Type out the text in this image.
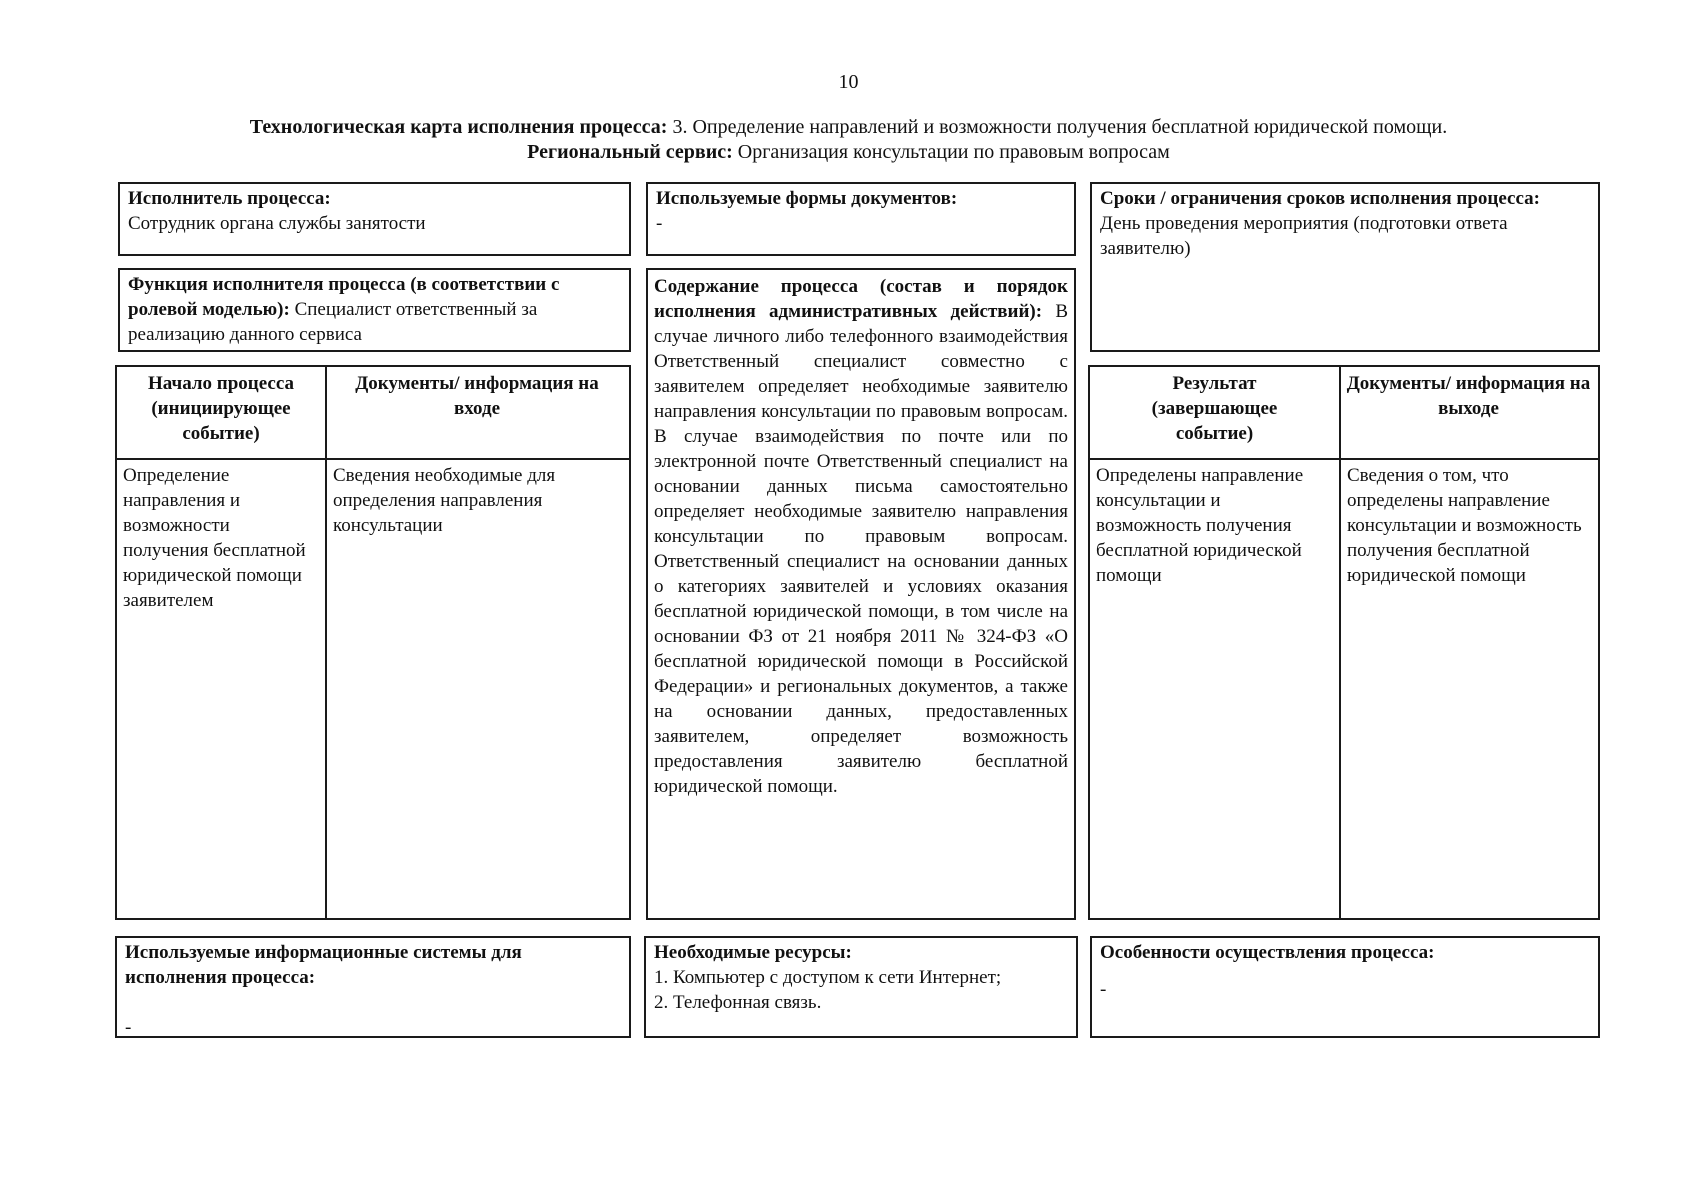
10
Технологическая карта исполнения процесса: 3. Определение направлений и возможности получения бесплатной юридической помощи.
Региональный сервис: Организация консультации по правовым вопросам
Исполнитель процесса:
Сотрудник органа службы занятости
Используемые формы документов:
-
Сроки / ограничения сроков исполнения процесса:
День проведения мероприятия (подготовки ответа заявителю)
Функция исполнителя процесса (в соответствии с ролевой моделью): Специалист ответственный за реализацию данного сервиса
Содержание процесса (состав и порядок исполнения административных действий): В случае личного либо телефонного взаимодействия Ответственный специалист совместно с заявителем определяет необходимые заявителю направления консультации по правовым вопросам. В случае взаимодействия по почте или по электронной почте Ответственный специалист на основании данных письма самостоятельно определяет необходимые заявителю направления консультации по правовым вопросам. Ответственный специалист на основании данных о категориях заявителей и условиях оказания бесплатной юридической помощи, в том числе на основании ФЗ от 21 ноября 2011 № 324-ФЗ «О бесплатной юридической помощи в Российской Федерации» и региональных документов, а также на основании данных, предоставленных заявителем, определяет возможность предоставления заявителю бесплатной юридической помощи.
Начало процесса (инициирующее событие)
Документы/ информация на входе
Определение направления и возможности получения бесплатной юридической помощи заявителем
Сведения необходимые для определения направления консультации
Результат (завершающее событие)
Документы/ информация на выходе
Определены направление консультации и возможность получения бесплатной юридической помощи
Сведения о том, что определены направление консультации и возможность получения бесплатной юридической помощи
Используемые информационные системы для исполнения процесса:
-
Необходимые ресурсы:
1. Компьютер с доступом к сети Интернет;
2. Телефонная связь.
Особенности осуществления процесса:
-
